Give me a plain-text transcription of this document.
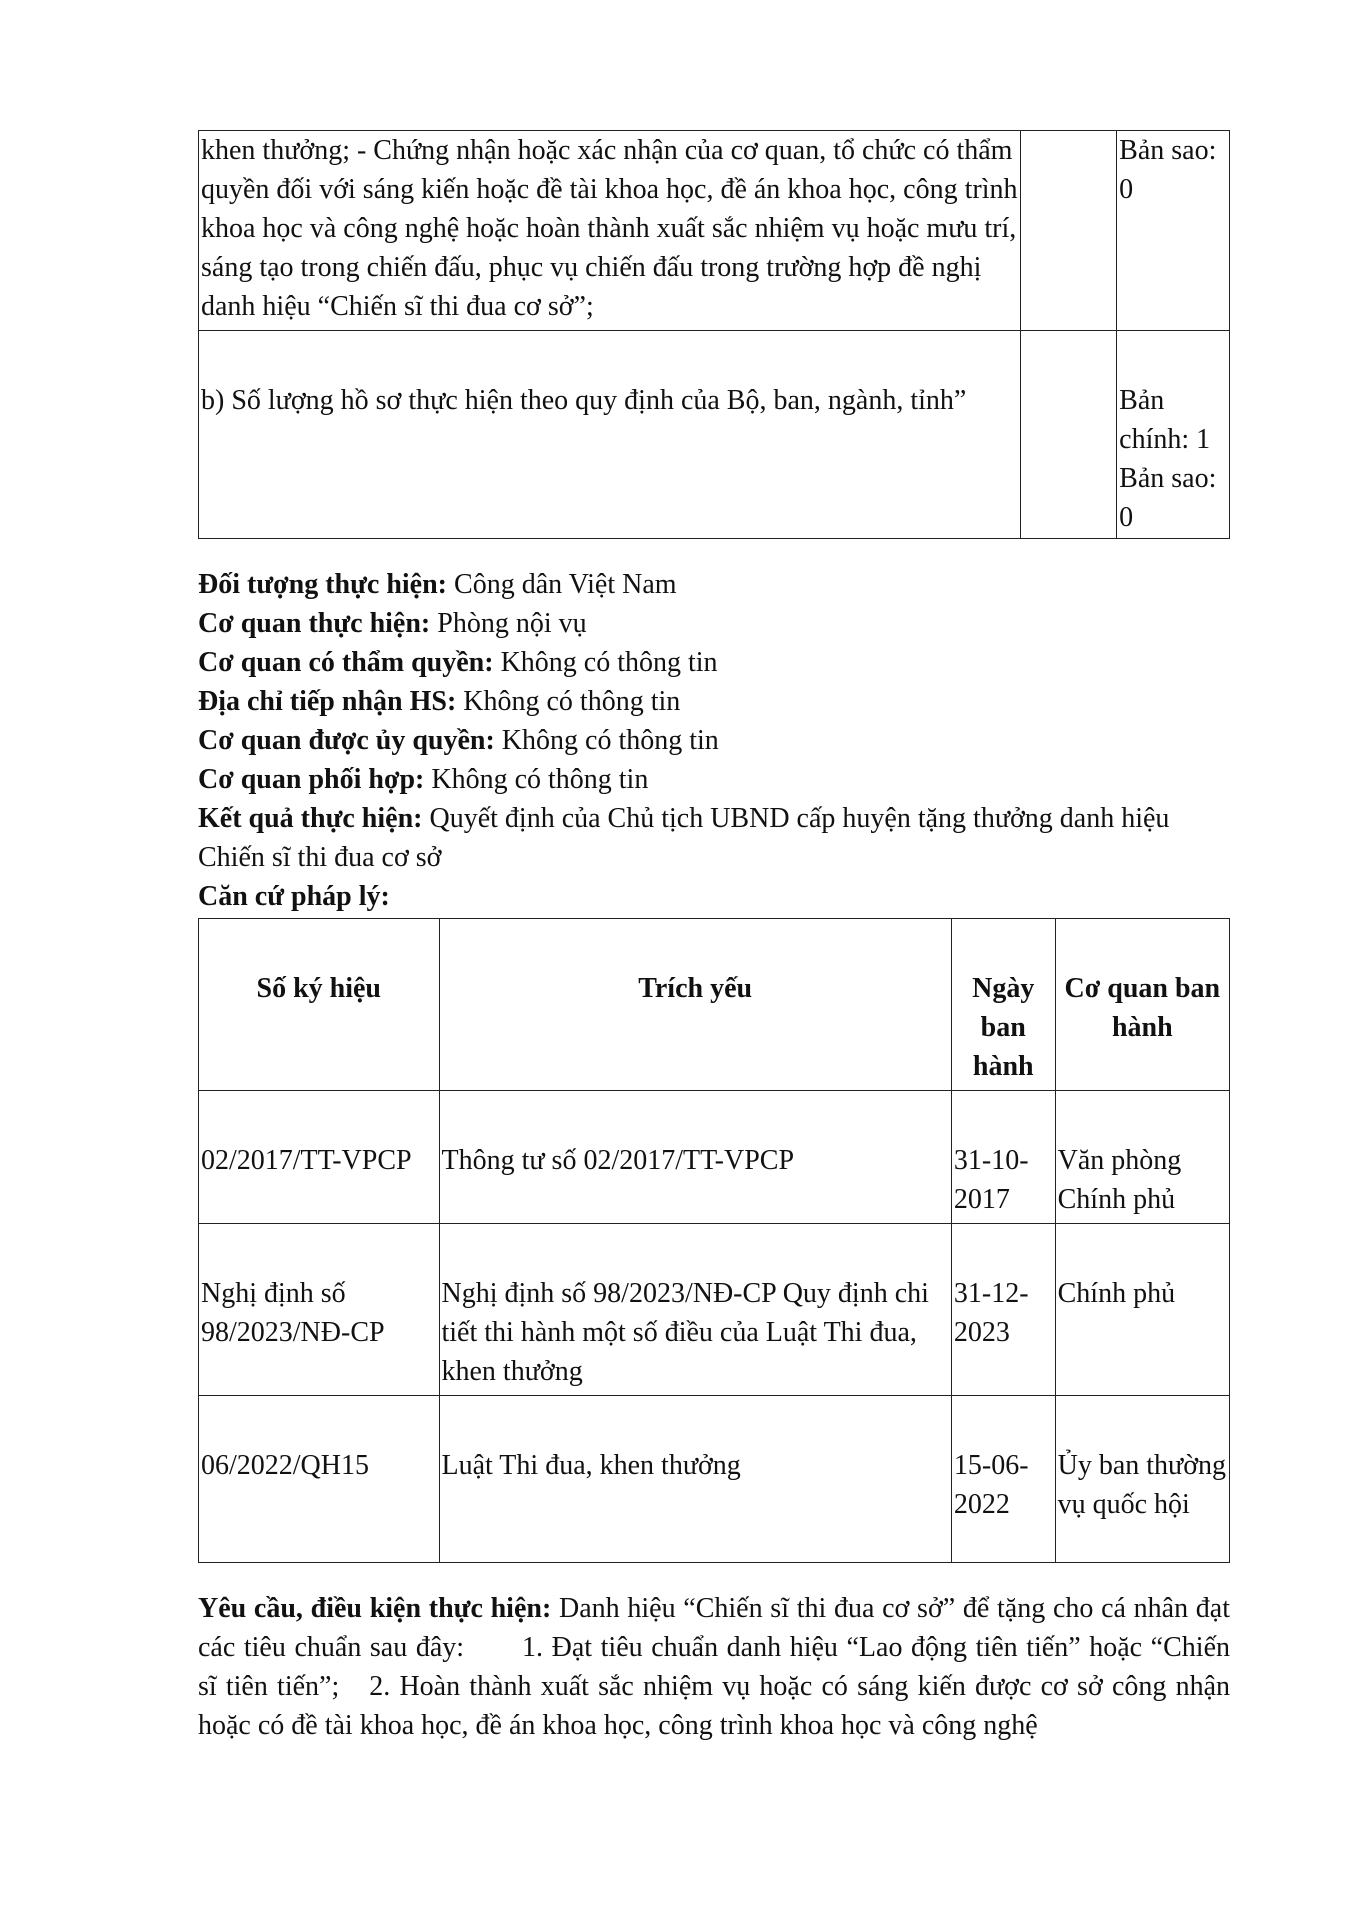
khen thưởng; - Chứng nhận hoặc xác nhận của cơ quan, tổ chức có thẩm quyền đối với sáng kiến hoặc đề tài khoa học, đề án khoa học, công trình khoa học và công nghệ hoặc hoàn thành xuất sắc nhiệm vụ hoặc mưu trí, sáng tạo trong chiến đấu, phục vụ chiến đấu trong trường hợp đề nghị danh hiệu “Chiến sĩ thi đua cơ sở”;		Bản sao: 0
b) Số lượng hồ sơ thực hiện theo quy định của Bộ, ban, ngành, tỉnh”		Bản chính: 1 Bản sao: 0

Đối tượng thực hiện: Công dân Việt Nam

Cơ quan thực hiện: Phòng nội vụ

Cơ quan có thẩm quyền: Không có thông tin

Địa chỉ tiếp nhận HS: Không có thông tin

Cơ quan được ủy quyền: Không có thông tin

Cơ quan phối hợp: Không có thông tin

Kết quả thực hiện: Quyết định của Chủ tịch UBND cấp huyện tặng thưởng danh hiệu Chiến sĩ thi đua cơ sở

Căn cứ pháp lý:

Số ký hiệu	Trích yếu	Ngày ban hành	Cơ quan ban hành
02/2017/TT-VPCP	Thông tư số 02/2017/TT-VPCP	31-10-2017	Văn phòng Chính phủ
Nghị định số 98/2023/NĐ-CP	Nghị định số 98/2023/NĐ-CP Quy định chi tiết thi hành một số điều của Luật Thi đua, khen thưởng	31-12-2023	Chính phủ
06/2022/QH15	Luật Thi đua, khen thưởng	15-06-2022	Ủy ban thường vụ quốc hội

Yêu cầu, điều kiện thực hiện: Danh hiệu “Chiến sĩ thi đua cơ sở” để tặng cho cá nhân đạt các tiêu chuẩn sau đây: 1. Đạt tiêu chuẩn danh hiệu “Lao động tiên tiến” hoặc “Chiến sĩ tiên tiến”; 2. Hoàn thành xuất sắc nhiệm vụ hoặc có sáng kiến được cơ sở công nhận hoặc có đề tài khoa học, đề án khoa học, công trình khoa học và công nghệ
